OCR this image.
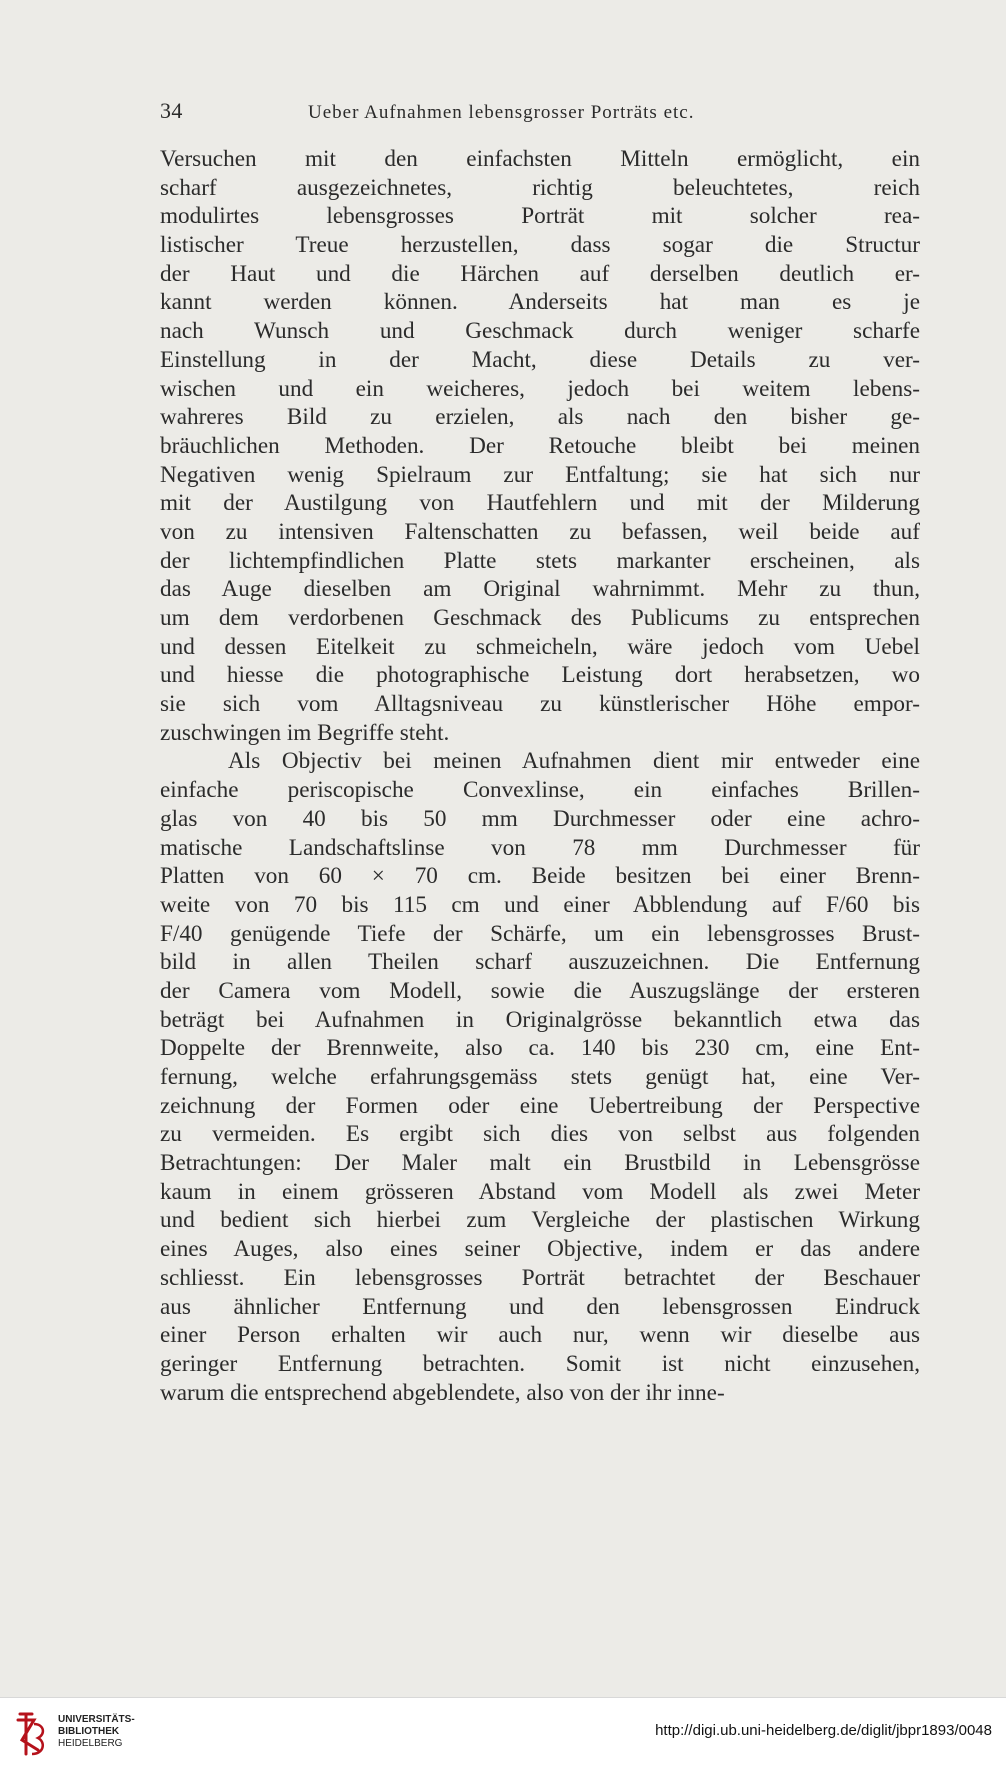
34	Ueber Aufnahmen lebensgrosser Porträts etc.
Versuchen mit den einfachsten Mitteln ermöglicht, ein
scharf ausgezeichnetes, richtig beleuchtetes, reich
modulirtes lebensgrosses Porträt mit solcher rea-
listischer Treue herzustellen, dass sogar die Structur
der Haut und die Härchen auf derselben deutlich er-
kannt werden können. Anderseits hat man es je
nach Wunsch und Geschmack durch weniger scharfe
Einstellung in der Macht, diese Details zu ver-
wischen und ein weicheres, jedoch bei weitem lebens-
wahreres Bild zu erzielen, als nach den bisher ge-
bräuchlichen Methoden. Der Retouche bleibt bei meinen
Negativen wenig Spielraum zur Entfaltung; sie hat sich nur
mit der Austilgung von Hautfehlern und mit der Milderung
von zu intensiven Faltenschatten zu befassen, weil beide auf
der lichtempfindlichen Platte stets markanter erscheinen, als
das Auge dieselben am Original wahrnimmt. Mehr zu thun,
um dem verdorbenen Geschmack des Publicums zu entsprechen
und dessen Eitelkeit zu schmeicheln, wäre jedoch vom Uebel
und hiesse die photographische Leistung dort herabsetzen, wo
sie sich vom Alltagsniveau zu künstlerischer Höhe empor-
zuschwingen im Begriffe steht.
Als Objectiv bei meinen Aufnahmen dient mir entweder eine
einfache periscopische Convexlinse, ein einfaches Brillen-
glas von 40 bis 50 mm Durchmesser oder eine achro-
matische Landschaftslinse von 78 mm Durchmesser für
Platten von 60 × 70 cm. Beide besitzen bei einer Brenn-
weite von 70 bis 115 cm und einer Abblendung auf F/60 bis
F/40 genügende Tiefe der Schärfe, um ein lebensgrosses Brust-
bild in allen Theilen scharf auszuzeichnen. Die Entfernung
der Camera vom Modell, sowie die Auszugslänge der ersteren
beträgt bei Aufnahmen in Originalgrösse bekanntlich etwa das
Doppelte der Brennweite, also ca. 140 bis 230 cm, eine Ent-
fernung, welche erfahrungsgemäss stets genügt hat, eine Ver-
zeichnung der Formen oder eine Uebertreibung der Perspective
zu vermeiden. Es ergibt sich dies von selbst aus folgenden
Betrachtungen: Der Maler malt ein Brustbild in Lebensgrösse
kaum in einem grösseren Abstand vom Modell als zwei Meter
und bedient sich hierbei zum Vergleiche der plastischen Wirkung
eines Auges, also eines seiner Objective, indem er das andere
schliesst. Ein lebensgrosses Porträt betrachtet der Beschauer
aus ähnlicher Entfernung und den lebensgrossen Eindruck
einer Person erhalten wir auch nur, wenn wir dieselbe aus
geringer Entfernung betrachten. Somit ist nicht einzusehen,
warum die entsprechend abgeblendete, also von der ihr inne-
UNIVERSITÄTS-
BIBLIOTHEK
HEIDELBERG
http://digi.ub.uni-heidelberg.de/diglit/jbpr1893/0048
